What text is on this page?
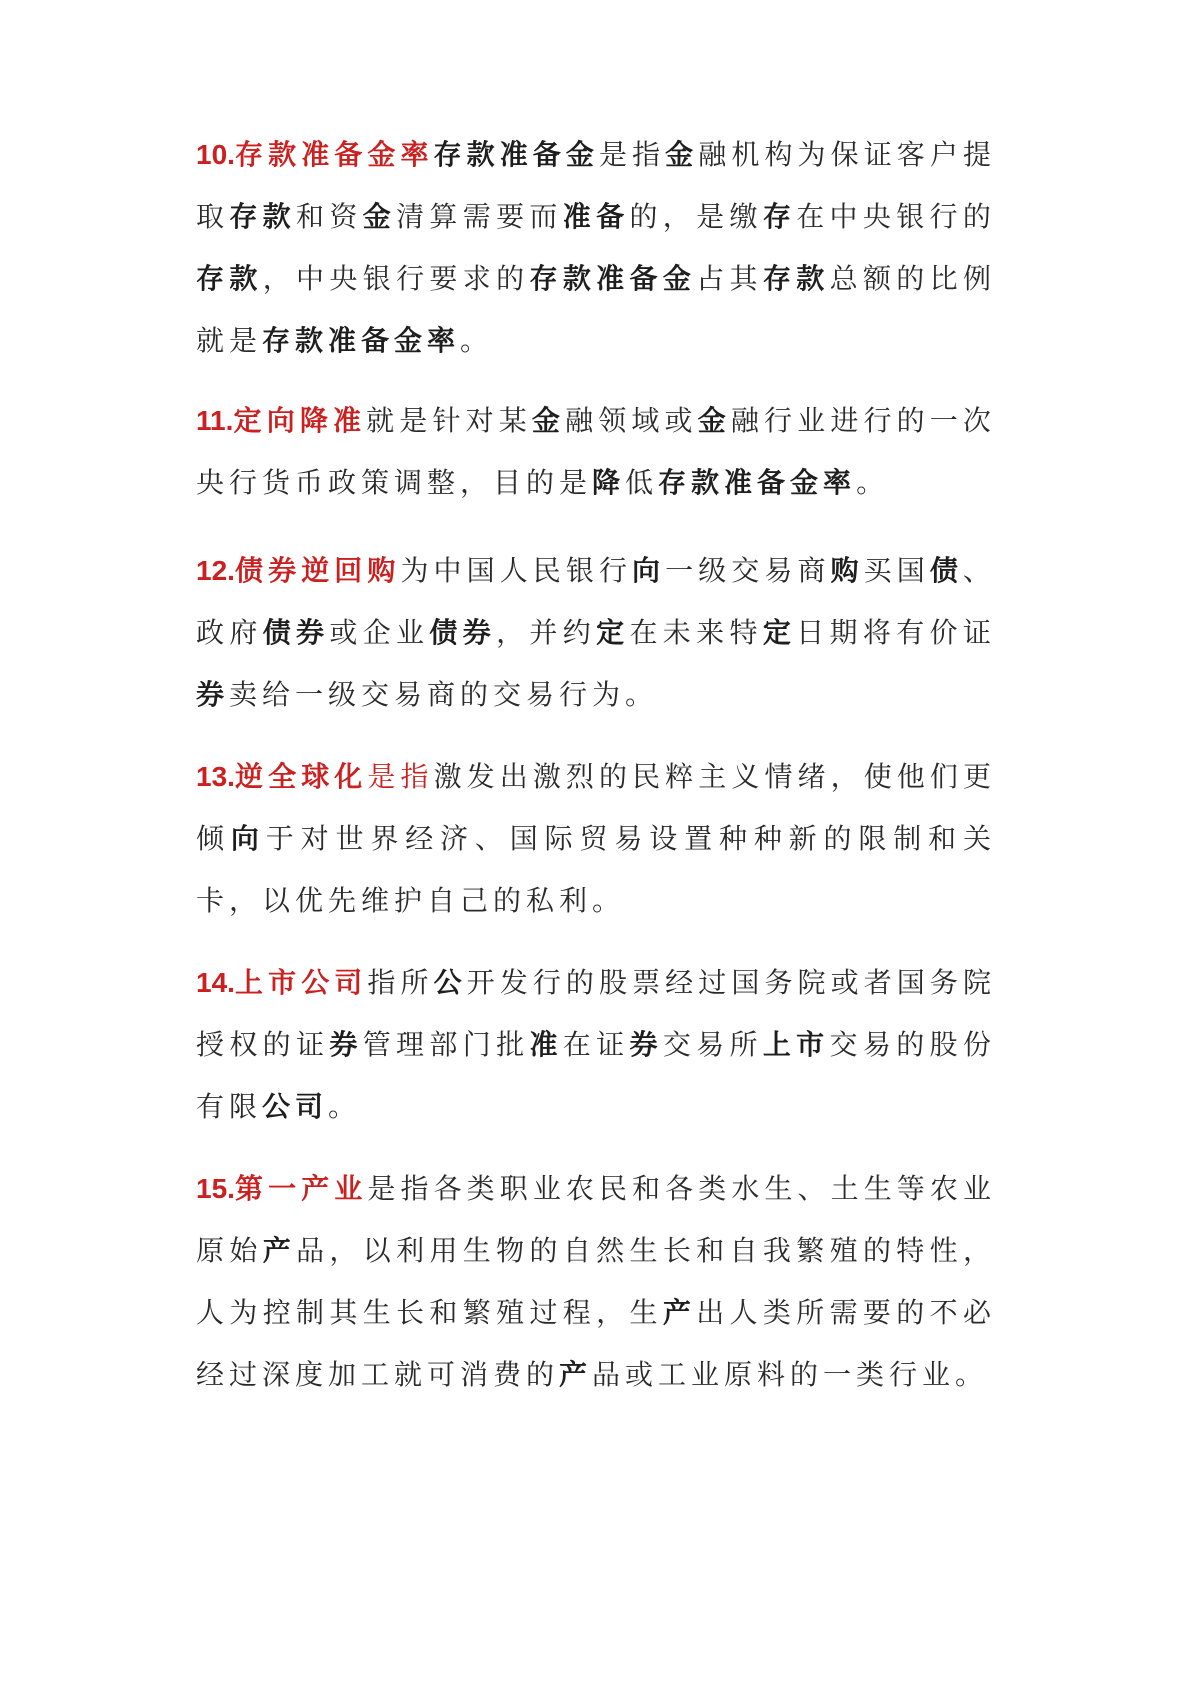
10.存款准备金率存款准备金是指金融机构为保证客户提取存款和资金清算需要而准备的，是缴存在中央银行的存款，中央银行要求的存款准备金占其存款总额的比例就是存款准备金率。

11.定向降准就是针对某金融领域或金融行业进行的一次央行货币政策调整，目的是降低存款准备金率。

12.债券逆回购为中国人民银行向一级交易商购买国债、政府债券或企业债券，并约定在未来特定日期将有价证券卖给一级交易商的交易行为。

13.逆全球化是指激发出激烈的民粹主义情绪，使他们更倾向于对世界经济、国际贸易设置种种新的限制和关卡，以优先维护自己的私利。

14.上市公司指所公开发行的股票经过国务院或者国务院授权的证券管理部门批准在证券交易所上市交易的股份有限公司。

15.第一产业是指各类职业农民和各类水生、土生等农业原始产品，以利用生物的自然生长和自我繁殖的特性，人为控制其生长和繁殖过程，生产出人类所需要的不必经过深度加工就可消费的产品或工业原料的一类行业。
